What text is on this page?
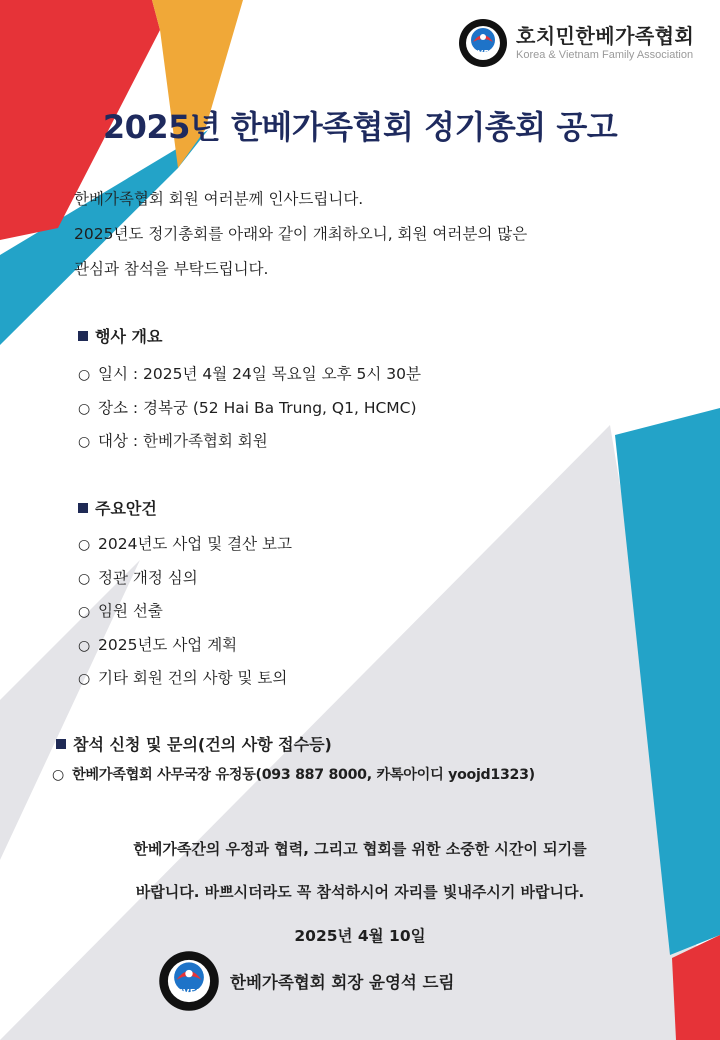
KVFA
호치민한베가족협회
Korea & Vietnam Family Association
2025년 한베가족협회 정기총회 공고

한베가족협회 회원 여러분께 인사드립니다.

2025년도 정기총회를 아래와 같이 개최하오니, 회원 여러분의 많은

관심과 참석을 부탁드립니다.

행사 개요
○ 일시 : 2025년 4월 24일 목요일 오후 5시 30분
○ 장소 : 경복궁 (52 Hai Ba Trung, Q1, HCMC)
○ 대상 : 한베가족협회 회원
주요안건
○ 2024년도 사업 및 결산 보고
○ 정관 개정 심의
○ 임원 선출
○ 2025년도 사업 계획
○ 기타 회원 건의 사항 및 토의
참석 신청 및 문의(건의 사항 접수등)
○ 한베가족협회 사무국장 유정동(093 887 8000, 카톡아이디 yoojd1323)

한베가족간의 우정과 협력, 그리고 협회를 위한 소중한 시간이 되기를

바랍니다. 바쁘시더라도 꼭 참석하시어 자리를 빛내주시기 바랍니다.

2025년 4월 10일
KVFA
한베가족협회 회장 윤영석 드림
